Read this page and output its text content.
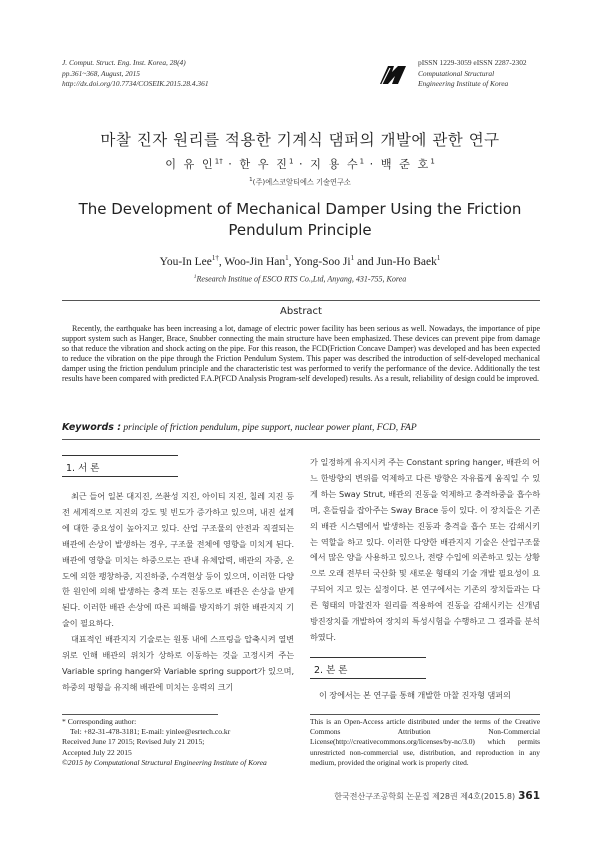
J. Comput. Struct. Eng. Inst. Korea, 28(4)
pp.361~368, August, 2015
http://dx.doi.org/10.7734/COSEIK.2015.28.4.361
pISSN 1229-3059 eISSN 2287-2302
Computational Structural
Engineering Institute of Korea
마찰 진자 원리를 적용한 기계식 댐퍼의 개발에 관한 연구
이 유 인$^{1\dagger}$ · 한 우 진$^1$ · 지 용 수$^1$ · 백 준 호$^1$
$^1$(주)에스코알티에스 기술연구소
The Development of Mechanical Damper Using the Friction
Pendulum Principle
You-In Lee$^{1\dagger}$, Woo-Jin Han$^1$, Yong-Soo Ji$^1$ and Jun-Ho Baek$^1$
$^1$Research Institue of ESCO RTS Co.,Ltd, Anyang, 431-755, Korea
Abstract
Recently, the earthquake has been increasing a lot, damage of electric power facility has been serious as well. Nowadays, the importance of pipe support system such as Hanger, Brace, Snubber connecting the main structure have been emphasized. These devices can prevent pipe from damage so that reduce the vibration and shock acting on the pipe. For this reason, the FCD(Friction Concave Damper) was developed and has been expected to reduce the vibration on the pipe through the Friction Pendulum System. This paper was described the introduction of self-developed mechanical damper using the friction pendulum principle and the characteristic test was performed to verify the performance of the device. Additionally the test results have been compared with predicted F.A.P(FCD Analysis Program-self developed) results. As a result, reliability of design could be improved.
Keywords : principle of friction pendulum, pipe support, nuclear power plant, FCD, FAP
1. 서 론

최근 들어 일본 대지진, 쓰촨성 지진, 아이티 지진, 칠레 지진 등 전 세계적으로 지진의 강도 및 빈도가 증가하고 있으며, 내진 설계에 대한 중요성이 높아지고 있다. 산업 구조물의 안전과 직결되는 배관에 손상이 발생하는 경우, 구조물 전체에 영향을 미치게 된다. 배관에 영향을 미치는 하중으로는 관내 유체압력, 배관의 자중, 온도에 의한 팽창하중, 지진하중, 수격현상 등이 있으며, 이러한 다양한 원인에 의해 발생하는 충격 또는 진동으로 배관은 손상을 받게 된다. 이러한 배관 손상에 따른 피해를 방지하기 위한 배관지지 기술이 필요하다.

대표적인 배관지지 기술로는 원통 내에 스프링을 압축시켜 열변위로 인해 배관의 위치가 상하로 이동하는 것을 고정시켜 주는 Variable spring hanger와 Variable spring support가 있으며, 하중의 평형을 유지해 배관에 미치는 응력의 크기

가 일정하게 유지시켜 주는 Constant spring hanger, 배관의 어느 한방향의 변위를 억제하고 다른 방향은 자유롭게 움직일 수 있게 하는 Sway Strut, 배관의 진동을 억제하고 충격하중을 흡수하며, 흔들림을 잡아주는 Sway Brace 등이 있다. 이 장치들은 기존의 배관 시스템에서 발생하는 진동과 충격을 흡수 또는 감쇄시키는 역할을 하고 있다. 이러한 다양한 배관지지 기술은 산업구조물에서 많은 양을 사용하고 있으나, 전량 수입에 의존하고 있는 상황으로 오래 전부터 국산화 및 새로운 형태의 기술 개발 필요성이 요구되어 지고 있는 실정이다. 본 연구에서는 기존의 장치들과는 다른 형태의 마찰진자 원리를 적용하여 진동을 감쇄시키는 신개념 방진장치를 개발하여 장치의 특성시험을 수행하고 그 결과를 분석하였다.

2. 본 론

이 장에서는 본 연구를 통해 개발한 마찰 진자형 댐퍼의

* Corresponding author:
Tel: +82-31-478-3181; E-mail: yinlee@esrtech.co.kr
Received June 17 2015; Revised July 21 2015;
Accepted July 22 2015
©2015 by Computational Structural Engineering Institute of Korea
This is an Open-Access article distributed under the terms of the Creative Commons Attribution Non-Commercial License(http://creativecommons.org/licenses/by-nc/3.0) which permits unrestricted non-commercial use, distribution, and reproduction in any medium, provided the original work is properly cited.
한국전산구조공학회 논문집 제28권 제4호(2015.8) 361
